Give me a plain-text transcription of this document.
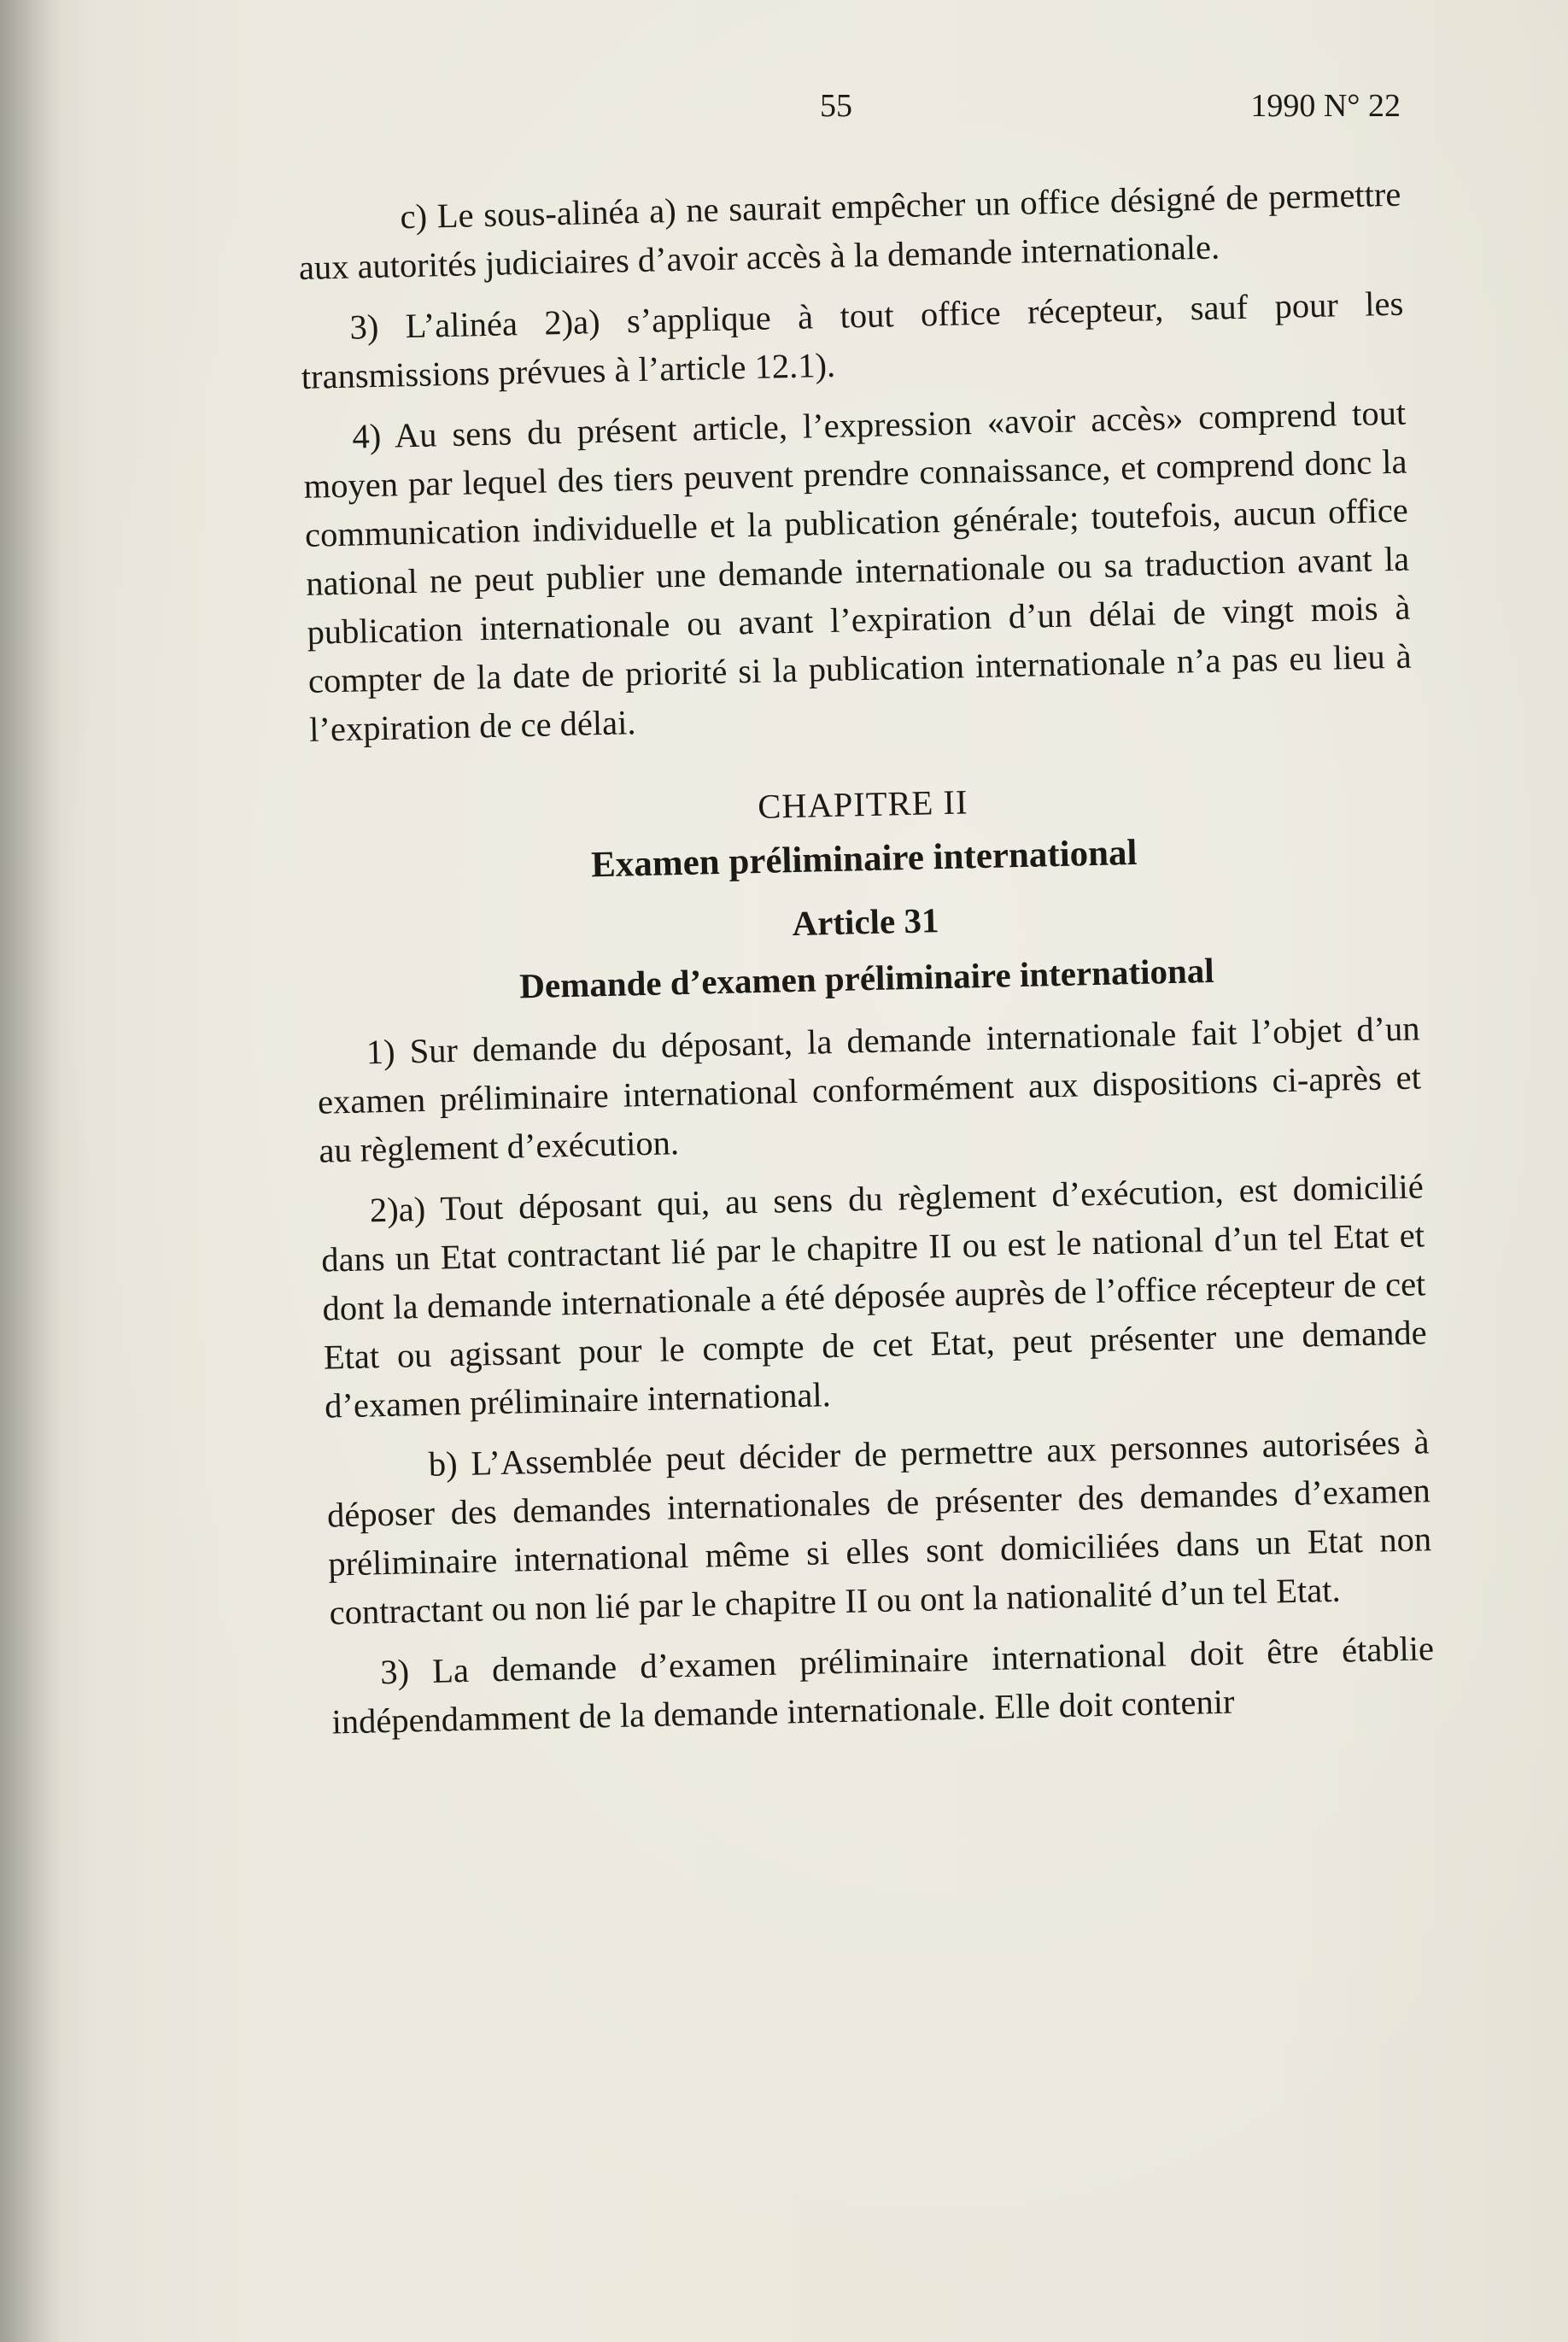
55	1990 N° 22

c) Le sous-alinéa a) ne saurait empêcher un office désigné de permettre aux autorités judiciaires d’avoir accès à la demande internationale.

3) L’alinéa 2)a) s’applique à tout office récepteur, sauf pour les transmissions prévues à l’article 12.1).

4) Au sens du présent article, l’expression «avoir accès» comprend tout moyen par lequel des tiers peuvent prendre connaissance, et comprend donc la communication individuelle et la publication générale; toutefois, aucun office national ne peut publier une demande internationale ou sa traduction avant la publication internationale ou avant l’expiration d’un délai de vingt mois à compter de la date de priorité si la publication internationale n’a pas eu lieu à l’expiration de ce délai.

CHAPITRE II
Examen préliminaire international
Article 31
Demande d’examen préliminaire international

1) Sur demande du déposant, la demande internationale fait l’objet d’un examen préliminaire international conformément aux dispositions ci-après et au règlement d’exécution.

2)a) Tout déposant qui, au sens du règlement d’exécution, est domicilié dans un Etat contractant lié par le chapitre II ou est le national d’un tel Etat et dont la demande internationale a été déposée auprès de l’office récepteur de cet Etat ou agissant pour le compte de cet Etat, peut présenter une demande d’examen préliminaire international.

b) L’Assemblée peut décider de permettre aux personnes autorisées à déposer des demandes internationales de présenter des demandes d’examen préliminaire international même si elles sont domiciliées dans un Etat non contractant ou non lié par le chapitre II ou ont la nationalité d’un tel Etat.

3) La demande d’examen préliminaire international doit être établie indépendamment de la demande internationale. Elle doit contenir
